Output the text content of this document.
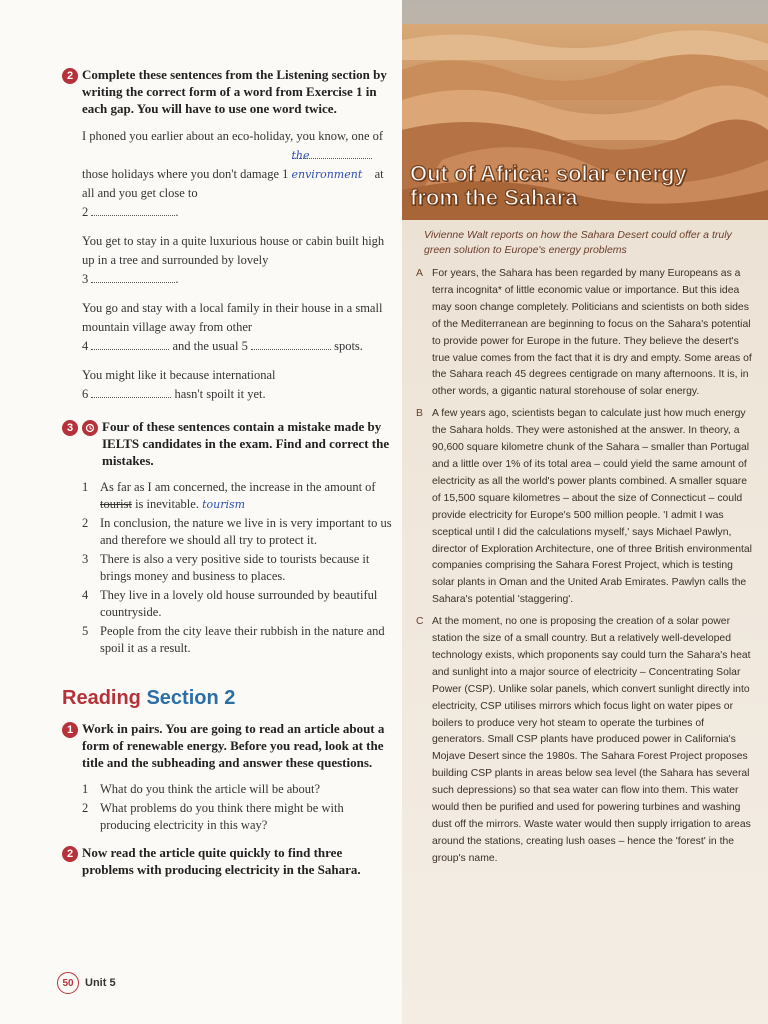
2 Complete these sentences from the Listening section by writing the correct form of a word from Exercise 1 in each gap. You will have to use one word twice.

I phoned you earlier about an eco-holiday, you know, one of those holidays where you don't damage 1 the environment at all and you get close to
2	.

You get to stay in a quite luxurious house or cabin built high up in a tree and surrounded by lovely
3	.

You go and stay with a local family in their house in a small mountain village away from other
4	and the usual 5	spots.

You might like it because international
6	hasn't spoilt it yet.

3	Four of these sentences contain a mistake made by IELTS candidates in the exam. Find and correct the mistakes.
1 As far as I am concerned, the increase in the amount of tourist is inevitable. tourism
2 In conclusion, the nature we live in is very important to us and therefore we should all try to protect it.
3 There is also a very positive side to tourists because it brings money and business to places.
4 They live in a lovely old house surrounded by beautiful countryside.
5 People from the city leave their rubbish in the nature and spoil it as a result.
Reading Section 2
1 Work in pairs. You are going to read an article about a form of renewable energy. Before you read, look at the title and the subheading and answer these questions.
1 What do you think the article will be about?
2 What problems do you think there might be with producing electricity in this way?
2 Now read the article quite quickly to find three problems with producing electricity in the Sahara.
50	Unit 5
Out of Africa: solar energy
from the Sahara
Vivienne Walt reports on how the Sahara Desert could offer a truly green solution to Europe's energy problems
A For years, the Sahara has been regarded by many Europeans as a terra incognita* of little economic value or importance. But this idea may soon change completely. Politicians and scientists on both sides of the Mediterranean are beginning to focus on the Sahara's potential to provide power for Europe in the future. They believe the desert's true value comes from the fact that it is dry and empty. Some areas of the Sahara reach 45 degrees centigrade on many afternoons. It is, in other words, a gigantic natural storehouse of solar energy.
B A few years ago, scientists began to calculate just how much energy the Sahara holds. They were astonished at the answer. In theory, a 90,600 square kilometre chunk of the Sahara – smaller than Portugal and a little over 1% of its total area – could yield the same amount of electricity as all the world's power plants combined. A smaller square of 15,500 square kilometres – about the size of Connecticut – could provide electricity for Europe's 500 million people. 'I admit I was sceptical until I did the calculations myself,' says Michael Pawlyn, director of Exploration Architecture, one of three British environmental companies comprising the Sahara Forest Project, which is testing solar plants in Oman and the United Arab Emirates. Pawlyn calls the Sahara's potential 'staggering'.
C At the moment, no one is proposing the creation of a solar power station the size of a small country. But a relatively well-developed technology exists, which proponents say could turn the Sahara's heat and sunlight into a major source of electricity – Concentrating Solar Power (CSP). Unlike solar panels, which convert sunlight directly into electricity, CSP utilises mirrors which focus light on water pipes or boilers to produce very hot steam to operate the turbines of generators. Small CSP plants have produced power in California's Mojave Desert since the 1980s. The Sahara Forest Project proposes building CSP plants in areas below sea level (the Sahara has several such depressions) so that sea water can flow into them. This water would then be purified and used for powering turbines and washing dust off the mirrors. Waste water would then supply irrigation to areas around the stations, creating lush oases – hence the 'forest' in the group's name.
